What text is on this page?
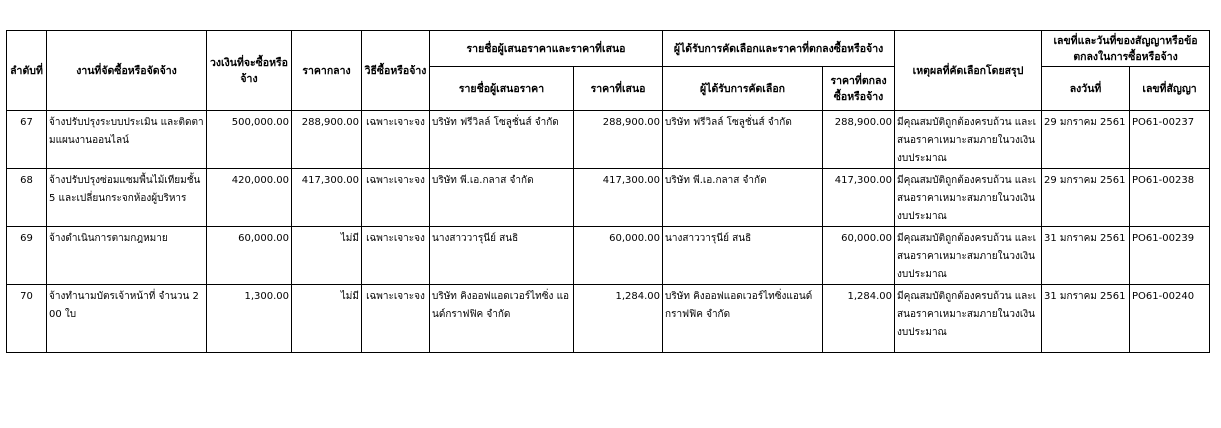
ลำดับที่	งานที่จัดซื้อหรือจัดจ้าง	วงเงินที่จะซื้อหรือจ้าง	ราคากลาง	วิธีซื้อหรือจ้าง	รายชื่อผู้เสนอราคาและราคาที่เสนอ		ผู้ได้รับการคัดเลือกและราคาที่ตกลงซื้อหรือจ้าง		เหตุผลที่คัดเลือกโดยสรุป	เลขที่และวันที่ของสัญญาหรือข้อตกลงในการซื้อหรือจ้าง	
					รายชื่อผู้เสนอราคา	ราคาที่เสนอ	ผู้ได้รับการคัดเลือก	ราคาที่ตกลงซื้อหรือจ้าง		ลงวันที่	เลขที่สัญญา
67	จ้างปรับปรุงระบบประเมิน และติดตามแผนงานออนไลน์	500,000.00	288,900.00	เฉพาะเจาะจง	บริษัท ฟรีวิลล์ โซลูชั่นส์ จำกัด	288,900.00	บริษัท ฟรีวิลล์ โซลูชั่นส์ จำกัด	288,900.00	มีคุณสมบัติถูกต้องครบถ้วน และเสนอราคาเหมาะสมภายในวงเงินงบประมาณ	29 มกราคม 2561	PO61-00237
68	จ้างปรับปรุงซ่อมแซมพื้นไม้เทียมชั้น 5 และเปลี่ยนกระจกห้องผู้บริหาร	420,000.00	417,300.00	เฉพาะเจาะจง	บริษัท พี.เอ.กลาส จำกัด	417,300.00	บริษัท พี.เอ.กลาส จำกัด	417,300.00	มีคุณสมบัติถูกต้องครบถ้วน และเสนอราคาเหมาะสมภายในวงเงินงบประมาณ	29 มกราคม 2561	PO61-00238
69	จ้างดำเนินการตามกฎหมาย	60,000.00	ไม่มี	เฉพาะเจาะจง	นางสาววารุนีย์ สนธิ	60,000.00	นางสาววารุนีย์ สนธิ	60,000.00	มีคุณสมบัติถูกต้องครบถ้วน และเสนอราคาเหมาะสมภายในวงเงินงบประมาณ	31 มกราคม 2561	PO61-00239
70	จ้างทำนามบัตรเจ้าหน้าที่ จำนวน 200 ใบ	1,300.00	ไม่มี	เฉพาะเจาะจง	บริษัท คิงออฟแอดเวอร์ไทซิ่ง แอนด์กราฟฟิค จำกัด	1,284.00	บริษัท คิงออฟแอดเวอร์ไทซิ่งแอนด์ กราฟฟิค จำกัด	1,284.00	มีคุณสมบัติถูกต้องครบถ้วน และเสนอราคาเหมาะสมภายในวงเงินงบประมาณ	31 มกราคม 2561	PO61-00240
